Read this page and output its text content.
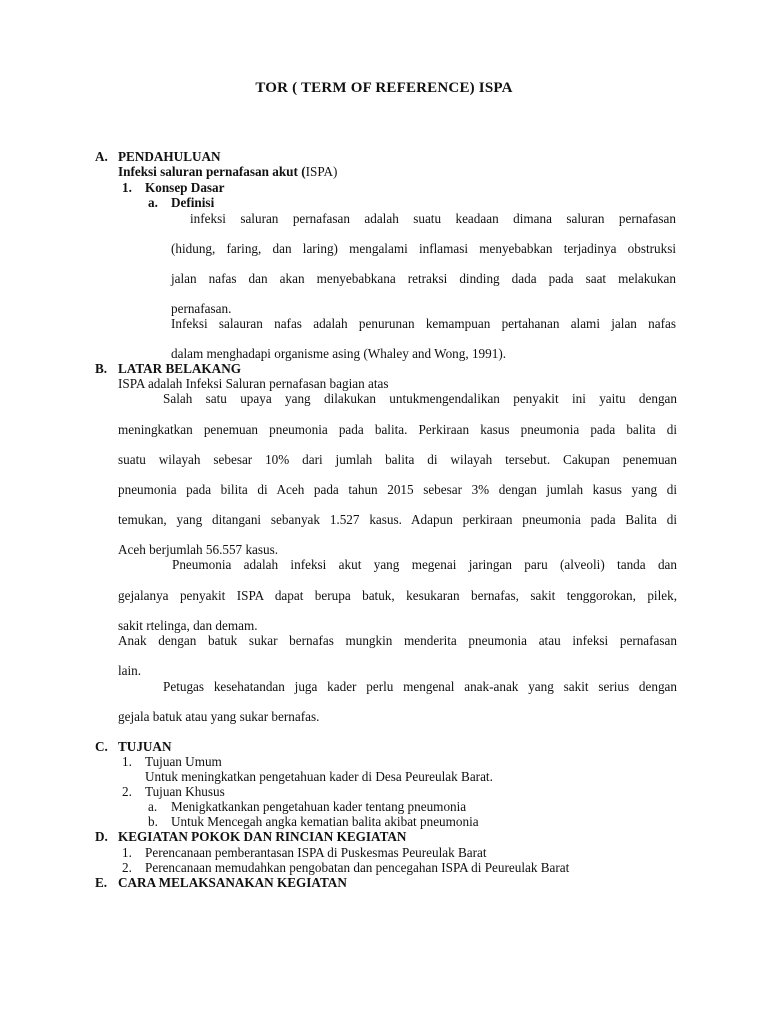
TOR ( TERM OF REFERENCE) ISPA
A. PENDAHULUAN
Infeksi saluran pernafasan akut (ISPA)
1. Konsep Dasar
a. Definisi
infeksi saluran pernafasan adalah suatu keadaan dimana saluran pernafasan
(hidung, faring, dan laring) mengalami inflamasi menyebabkan terjadinya obstruksi
jalan nafas dan akan menyebabkana retraksi dinding dada pada saat melakukan
pernafasan.
Infeksi salauran nafas adalah penurunan kemampuan pertahanan alami jalan nafas
dalam menghadapi organisme asing (Whaley and Wong, 1991).
B. LATAR BELAKANG
ISPA adalah Infeksi Saluran pernafasan bagian atas
Salah satu upaya yang dilakukan untukmengendalikan penyakit ini yaitu dengan
meningkatkan penemuan pneumonia pada balita. Perkiraan kasus pneumonia pada balita di
suatu wilayah sebesar 10% dari jumlah balita di wilayah tersebut. Cakupan penemuan
pneumonia pada bilita di Aceh pada tahun 2015 sebesar 3% dengan jumlah kasus yang di
temukan, yang ditangani sebanyak 1.527 kasus. Adapun perkiraan pneumonia pada Balita di
Aceh berjumlah 56.557 kasus.
Pneumonia adalah infeksi akut yang megenai jaringan paru (alveoli) tanda dan
gejalanya penyakit ISPA dapat berupa batuk, kesukaran bernafas, sakit tenggorokan, pilek,
sakit rtelinga, dan demam.
Anak dengan batuk sukar bernafas mungkin menderita pneumonia atau infeksi pernafasan
lain.
Petugas kesehatandan juga kader perlu mengenal anak-anak yang sakit serius dengan
gejala batuk atau yang sukar bernafas.
C. TUJUAN
1. Tujuan Umum
Untuk meningkatkan pengetahuan kader di Desa Peureulak Barat.
2. Tujuan Khusus
a. Menigkatkankan pengetahuan kader tentang pneumonia
b. Untuk Mencegah angka kematian balita akibat pneumonia
D. KEGIATAN POKOK DAN RINCIAN KEGIATAN
1. Perencanaan pemberantasan ISPA di Puskesmas Peureulak Barat
2. Perencanaan memudahkan pengobatan dan pencegahan ISPA di Peureulak Barat
E. CARA MELAKSANAKAN KEGIATAN
